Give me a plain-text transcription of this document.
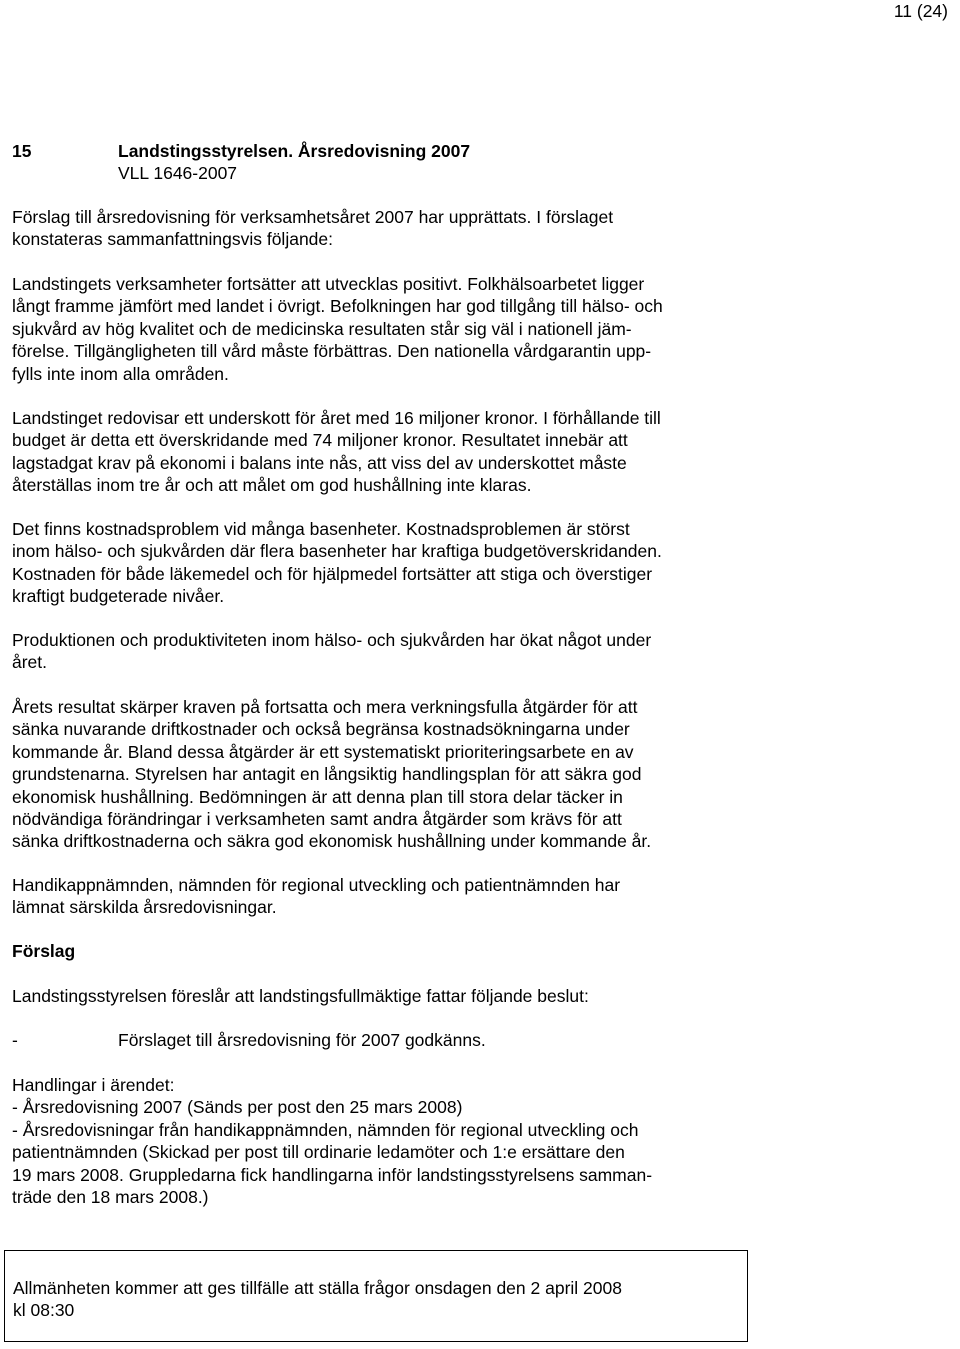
11 (24)
15	Landstingsstyrelsen. Årsredovisning 2007
VLL 1646-2007

Förslag till årsredovisning för verksamhetsåret 2007 har upprättats. I förslaget

konstateras sammanfattningsvis följande:

Landstingets verksamheter fortsätter att utvecklas positivt. Folkhälsoarbetet ligger

långt framme jämfört med landet i övrigt. Befolkningen har god tillgång till hälso- och

sjukvård av hög kvalitet och de medicinska resultaten står sig väl i nationell jäm-

förelse. Tillgängligheten till vård måste förbättras. Den nationella vårdgarantin upp-

fylls inte inom alla områden.

Landstinget redovisar ett underskott för året med 16 miljoner kronor. I förhållande till

budget är detta ett överskridande med 74 miljoner kronor. Resultatet innebär att

lagstadgat krav på ekonomi i balans inte nås, att viss del av underskottet måste

återställas inom tre år och att målet om god hushållning inte klaras.

Det finns kostnadsproblem vid många basenheter. Kostnadsproblemen är störst

inom hälso- och sjukvården där flera basenheter har kraftiga budgetöverskridanden.

Kostnaden för både läkemedel och för hjälpmedel fortsätter att stiga och överstiger

kraftigt budgeterade nivåer.

Produktionen och produktiviteten inom hälso- och sjukvården har ökat något under

året.

Årets resultat skärper kraven på fortsatta och mera verkningsfulla åtgärder för att

sänka nuvarande driftkostnader och också begränsa kostnadsökningarna under

kommande år. Bland dessa åtgärder är ett systematiskt prioriteringsarbete en av

grundstenarna. Styrelsen har antagit en långsiktig handlingsplan för att säkra god

ekonomisk hushållning. Bedömningen är att denna plan till stora delar täcker in

nödvändiga förändringar i verksamheten samt andra åtgärder som krävs för att

sänka driftkostnaderna och säkra god ekonomisk hushållning under kommande år.

Handikappnämnden, nämnden för regional utveckling och patientnämnden har

lämnat särskilda årsredovisningar.

Förslag
Landstingsstyrelsen föreslår att landstingsfullmäktige fattar följande beslut:
-	Förslaget till årsredovisning för 2007 godkänns.

Handlingar i ärendet:

- Årsredovisning 2007 (Sänds per post den 25 mars 2008)

- Årsredovisningar från handikappnämnden, nämnden för regional utveckling och

patientnämnden (Skickad per post till ordinarie ledamöter och 1:e ersättare den

19 mars 2008. Gruppledarna fick handlingarna inför landstingsstyrelsens samman-

träde den 18 mars 2008.)

Allmänheten kommer att ges tillfälle att ställa frågor onsdagen den 2 april 2008

kl 08:30
